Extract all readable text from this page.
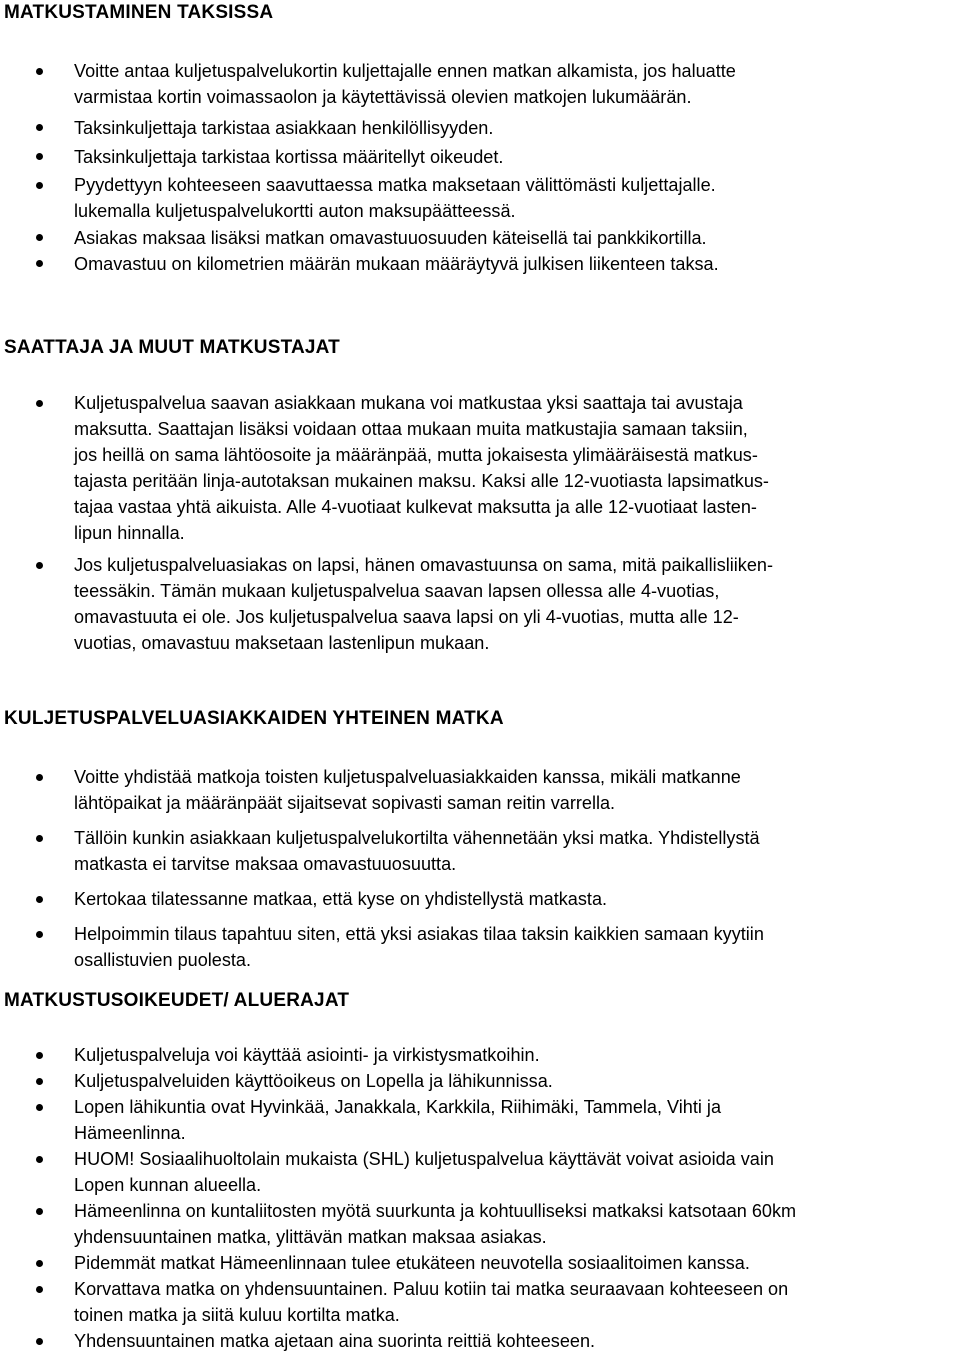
MATKUSTAMINEN TAKSISSA
Voitte antaa kuljetuspalvelukortin kuljettajalle ennen matkan alkamista, jos haluatte
varmistaa kortin voimassaolon ja käytettävissä olevien matkojen lukumäärän.
Taksinkuljettaja tarkistaa asiakkaan henkilöllisyyden.
Taksinkuljettaja tarkistaa kortissa määritellyt oikeudet.
Pyydettyyn kohteeseen saavuttaessa matka maksetaan välittömästi kuljettajalle.
lukemalla kuljetuspalvelukortti auton maksupäätteessä.
Asiakas maksaa lisäksi matkan omavastuuosuuden käteisellä tai pankkikortilla.
Omavastuu on kilometrien määrän mukaan määräytyvä julkisen liikenteen taksa.
SAATTAJA JA MUUT MATKUSTAJAT
Kuljetuspalvelua saavan asiakkaan mukana voi matkustaa yksi saattaja tai avustaja
maksutta. Saattajan lisäksi voidaan ottaa mukaan muita matkustajia samaan taksiin,
jos heillä on sama lähtöosoite ja määränpää, mutta jokaisesta ylimääräisestä matkus-
tajasta peritään linja-autotaksan mukainen maksu. Kaksi alle 12-vuotiasta lapsimatkus-
tajaa vastaa yhtä aikuista. Alle 4-vuotiaat kulkevat maksutta ja alle 12-vuotiaat lasten-
lipun hinnalla.
Jos kuljetuspalveluasiakas on lapsi, hänen omavastuunsa on sama, mitä paikallisliiken-
teessäkin. Tämän mukaan kuljetuspalvelua saavan lapsen ollessa alle 4-vuotias,
omavastuuta ei ole. Jos kuljetuspalvelua saava lapsi on yli 4-vuotias, mutta alle 12-
vuotias, omavastuu maksetaan lastenlipun mukaan.
KULJETUSPALVELUASIAKKAIDEN YHTEINEN MATKA
Voitte yhdistää matkoja toisten kuljetuspalveluasiakkaiden kanssa, mikäli matkanne
lähtöpaikat ja määränpäät sijaitsevat sopivasti saman reitin varrella.
Tällöin kunkin asiakkaan kuljetuspalvelukortilta vähennetään yksi matka. Yhdistellystä
matkasta ei tarvitse maksaa omavastuuosuutta.
Kertokaa tilatessanne matkaa, että kyse on yhdistellystä matkasta.
Helpoimmin tilaus tapahtuu siten, että yksi asiakas tilaa taksin kaikkien samaan kyytiin
osallistuvien puolesta.
MATKUSTUSOIKEUDET/ ALUERAJAT
Kuljetuspalveluja voi käyttää asiointi- ja virkistysmatkoihin.
Kuljetuspalveluiden käyttöoikeus on Lopella ja lähikunnissa.
Lopen lähikuntia ovat Hyvinkää, Janakkala, Karkkila, Riihimäki, Tammela, Vihti ja
Hämeenlinna.
HUOM! Sosiaalihuoltolain mukaista (SHL) kuljetuspalvelua käyttävät voivat asioida vain
Lopen kunnan alueella.
Hämeenlinna on kuntaliitosten myötä suurkunta ja kohtuulliseksi matkaksi katsotaan 60km
yhdensuuntainen matka, ylittävän matkan maksaa asiakas.
Pidemmät matkat Hämeenlinnaan tulee etukäteen neuvotella sosiaalitoimen kanssa.
Korvattava matka on yhdensuuntainen. Paluu kotiin tai matka seuraavaan kohteeseen on
toinen matka ja siitä kuluu kortilta matka.
Yhdensuuntainen matka ajetaan aina suorinta reittiä kohteeseen.
